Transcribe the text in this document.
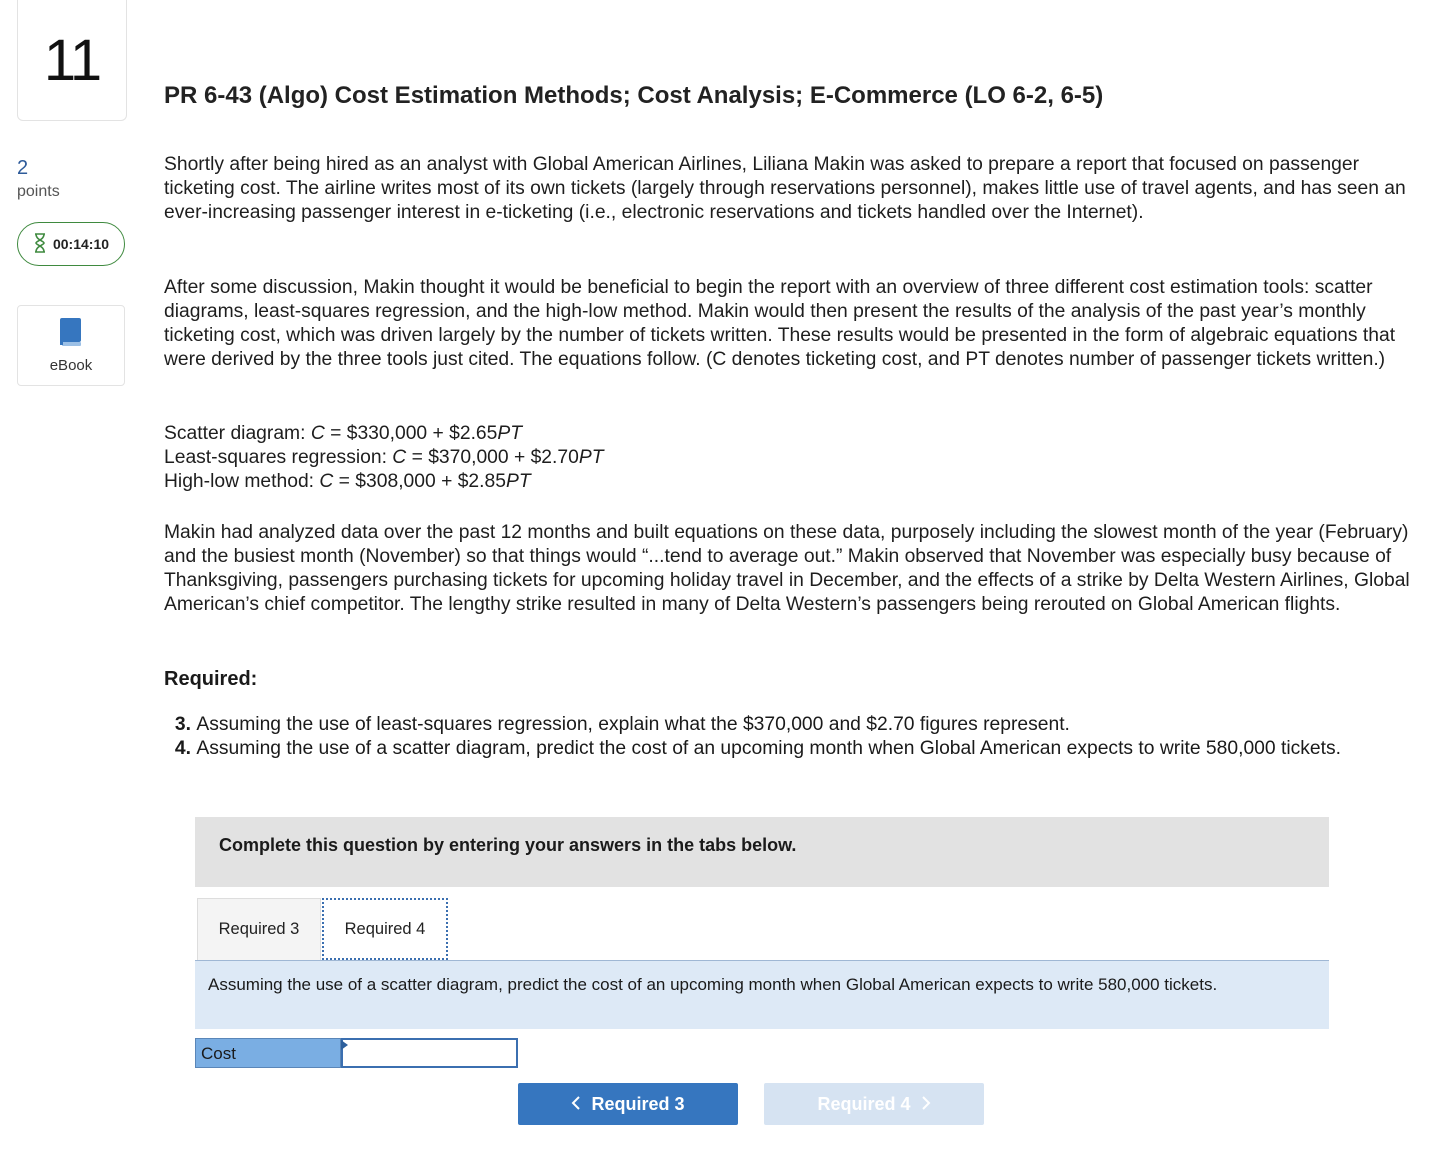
11
2
points
00:14:10
eBook
PR 6-43 (Algo) Cost Estimation Methods; Cost Analysis; E-Commerce (LO 6-2, 6-5)

Shortly after being hired as an analyst with Global American Airlines, Liliana Makin was asked to prepare a report that focused on passenger ticketing cost. The airline writes most of its own tickets (largely through reservations personnel), makes little use of travel agents, and has seen an ever-increasing passenger interest in e-ticketing (i.e., electronic reservations and tickets handled over the Internet).

After some discussion, Makin thought it would be beneficial to begin the report with an overview of three different cost estimation tools: scatter diagrams, least-squares regression, and the high-low method. Makin would then present the results of the analysis of the past year’s monthly ticketing cost, which was driven largely by the number of tickets written. These results would be presented in the form of algebraic equations that were derived by the three tools just cited. The equations follow. (C denotes ticketing cost, and PT denotes number of passenger tickets written.)

Scatter diagram: C = $330,000 + $2.65PT
Least-squares regression: C = $370,000 + $2.70PT
High-low method: C = $308,000 + $2.85PT

Makin had analyzed data over the past 12 months and built equations on these data, purposely including the slowest month of the year (February) and the busiest month (November) so that things would “...tend to average out.” Makin observed that November was especially busy because of Thanksgiving, passengers purchasing tickets for upcoming holiday travel in December, and the effects of a strike by Delta Western Airlines, Global American’s chief competitor. The lengthy strike resulted in many of Delta Western’s passengers being rerouted on Global American flights.

Required:

3.
Assuming the use of least-squares regression, explain what the $370,000 and $2.70 figures represent.
4.
Assuming the use of a scatter diagram, predict the cost of an upcoming month when Global American expects to write 580,000 tickets.
Complete this question by entering your answers in the tabs below.
Required 3	Required 4
Assuming the use of a scatter diagram, predict the cost of an upcoming month when Global American expects to write 580,000 tickets.
Cost
Required 3	Required 4
